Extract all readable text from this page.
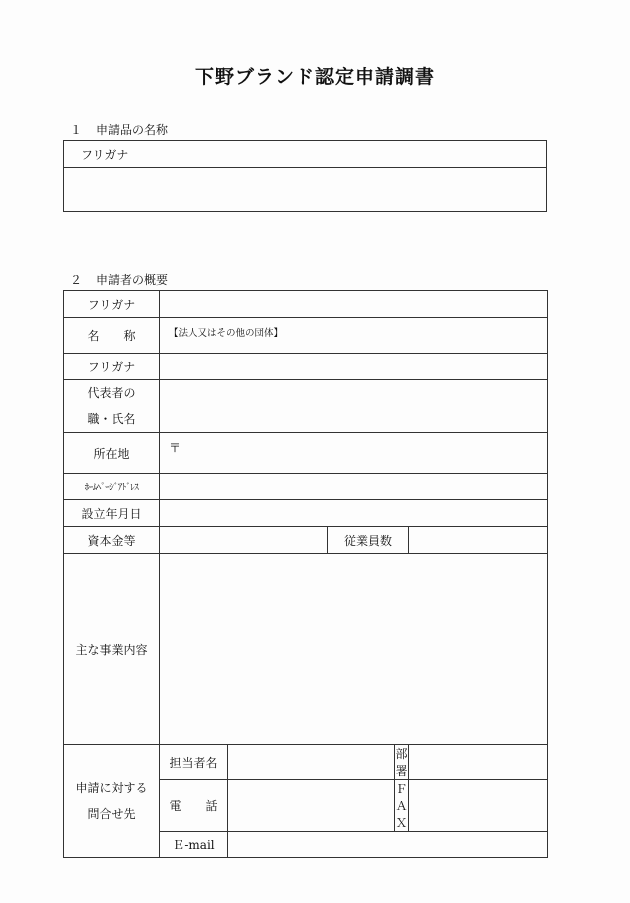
下野ブランド認定申請調書
１ 申請品の名称
フリガナ

２ 申請者の概要
フリガナ					
名　　称	【法人又はその他の団体】				
フリガナ					

代表者の
職・氏名					

所在地	〒				
ﾎｰﾑﾍﾟｰｼﾞｱﾄﾞﾚｽ					
設立年月日					
資本金等			従業員数		
主な事業内容					

申請に対する
問合せ先	担当者名			部　署	
	電　　話			ＦＡＸ	
	Ｅ-mail				
